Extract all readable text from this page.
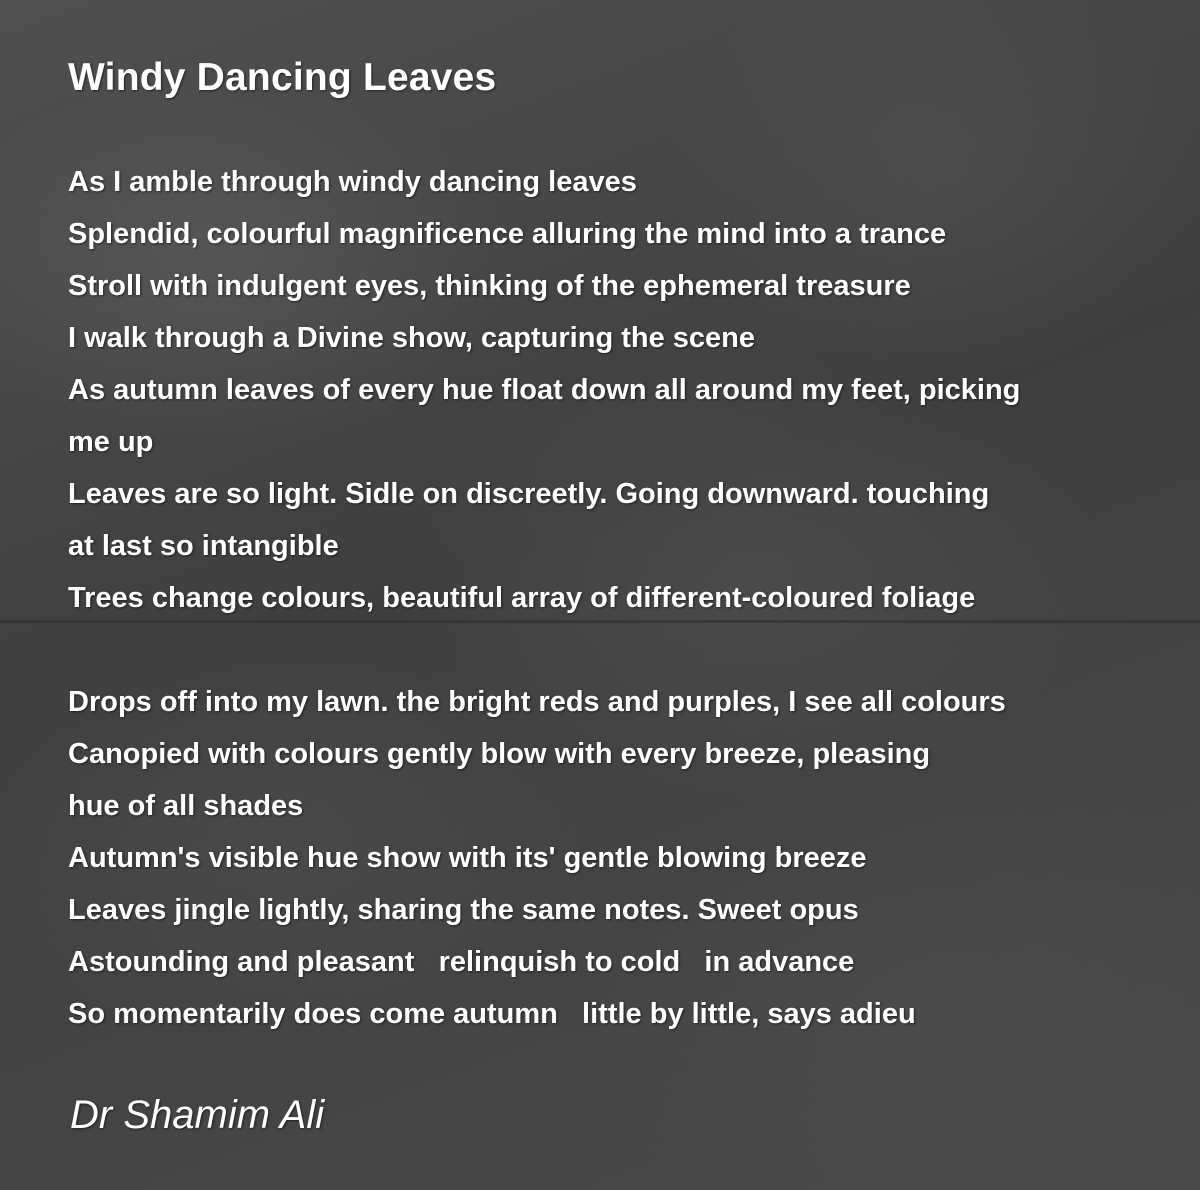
Windy Dancing Leaves
As I amble through windy dancing leaves
Splendid, colourful magnificence alluring the mind into a trance
Stroll with indulgent eyes, thinking of the ephemeral treasure
I walk through a Divine show, capturing the scene
As autumn leaves of every hue float down all around my feet, picking
me up
Leaves are so light. Sidle on discreetly. Going downward. touching
at last so intangible
Trees change colours, beautiful array of different-coloured foliage
Drops off into my lawn. the bright reds and purples, I see all colours
Canopied with colours gently blow with every breeze, pleasing
hue of all shades
Autumn's visible hue show with its' gentle blowing breeze
Leaves jingle lightly, sharing the same notes. Sweet opus
Astounding and pleasant   relinquish to cold   in advance
So momentarily does come autumn   little by little, says adieu
Dr Shamim Ali
